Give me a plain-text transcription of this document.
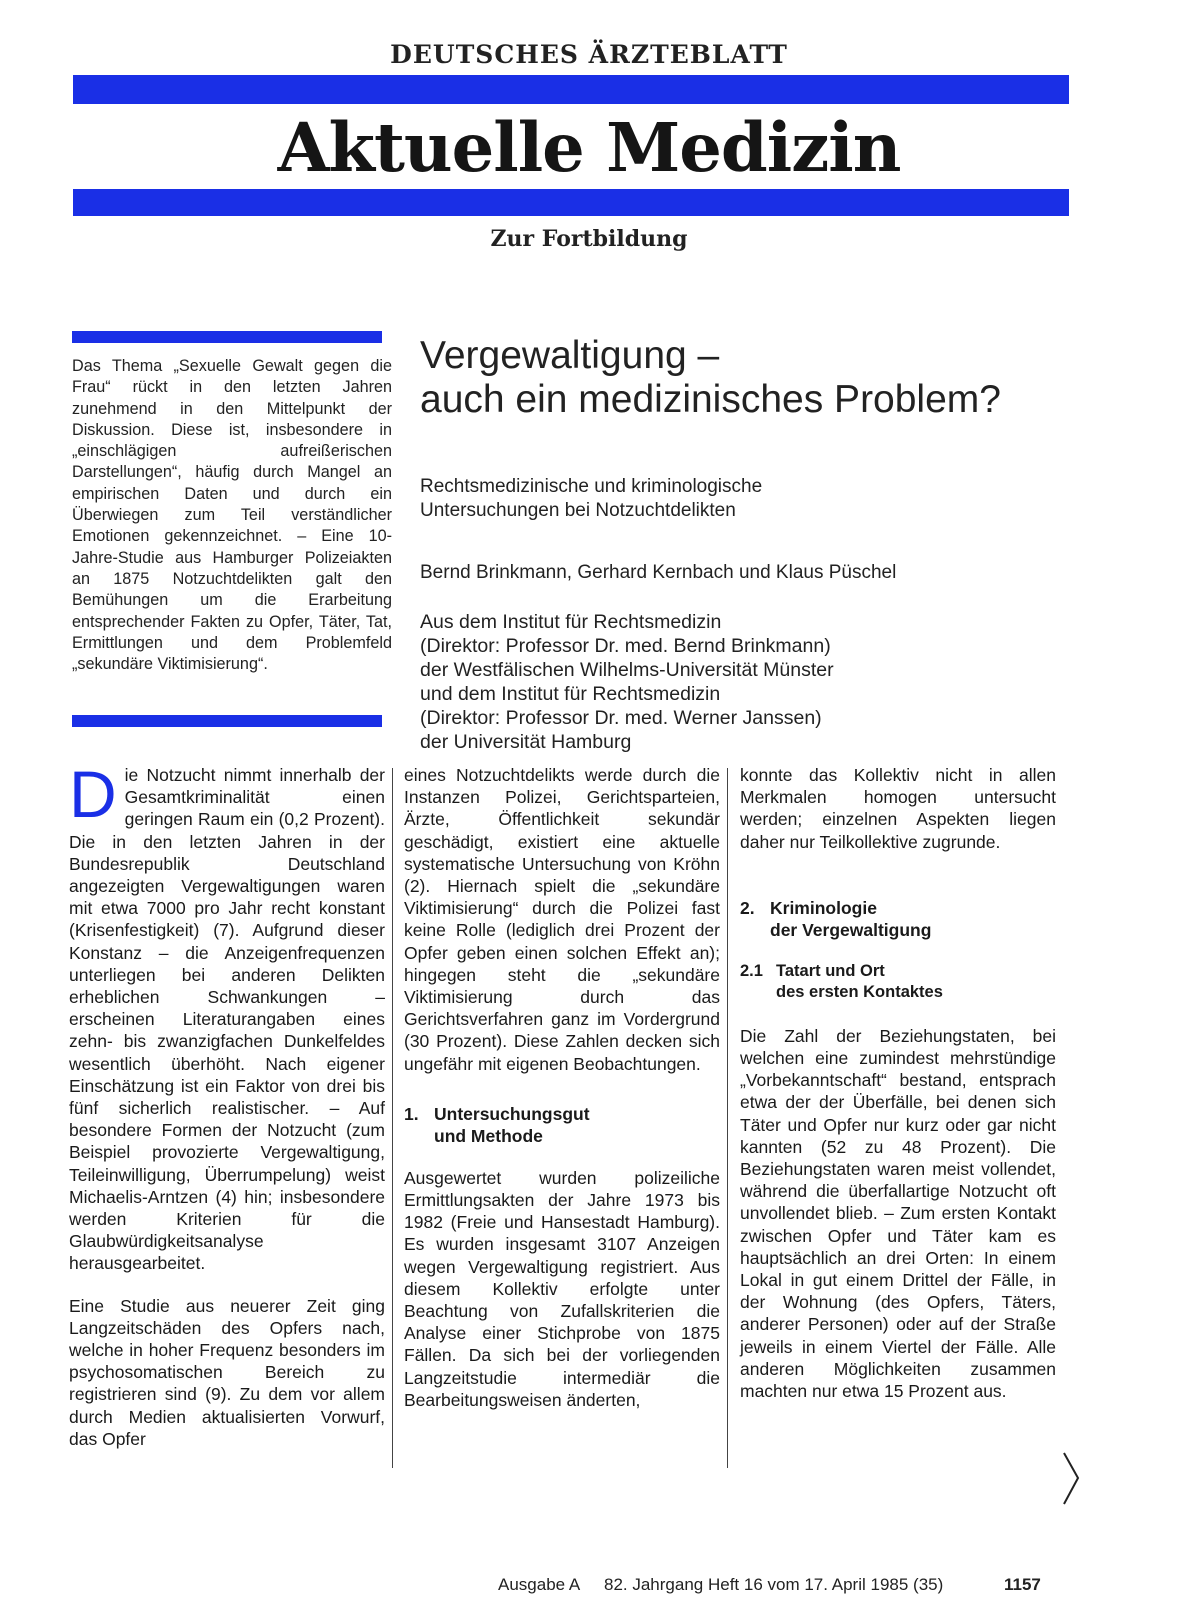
DEUTSCHES ÄRZTEBLATT
Aktuelle Medizin
Zur Fortbildung
Das Thema „Sexuelle Gewalt gegen die Frau“ rückt in den letzten Jahren zunehmend in den Mittelpunkt der Diskussion. Diese ist, insbesondere in „einschlägigen aufreißerischen Darstellungen“, häufig durch Mangel an empirischen Daten und durch ein Überwiegen zum Teil verständlicher Emotionen gekennzeichnet. – Eine 10-Jahre-Studie aus Hamburger Polizeiakten an 1875 Notzuchtdelikten galt den Bemühungen um die Erarbeitung entsprechender Fakten zu Opfer, Täter, Tat, Ermittlungen und dem Problemfeld „sekundäre Viktimisierung“.
Vergewaltigung –
auch ein medizinisches Problem?
Rechtsmedizinische und kriminologische
Untersuchungen bei Notzuchtdelikten
Bernd Brinkmann, Gerhard Kernbach und Klaus Püschel
Aus dem Institut für Rechtsmedizin
(Direktor: Professor Dr. med. Bernd Brinkmann)
der Westfälischen Wilhelms-Universität Münster
und dem Institut für Rechtsmedizin
(Direktor: Professor Dr. med. Werner Janssen)
der Universität Hamburg

Die Notzucht nimmt innerhalb der Gesamtkriminalität einen geringen Raum ein (0,2 Prozent). Die in den letzten Jahren in der Bundesrepublik Deutschland angezeigten Vergewaltigungen waren mit etwa 7000 pro Jahr recht konstant (Krisenfestigkeit) (7). Aufgrund dieser Konstanz – die Anzeigenfrequenzen unterliegen bei anderen Delikten erheblichen Schwankungen – erscheinen Literaturangaben eines zehn- bis zwanzigfachen Dunkelfeldes wesentlich überhöht. Nach eigener Einschätzung ist ein Faktor von drei bis fünf sicherlich realistischer. – Auf besondere Formen der Notzucht (zum Beispiel provozierte Vergewaltigung, Teileinwilligung, Überrumpelung) weist Michaelis-Arntzen (4) hin; insbesondere werden Kriterien für die Glaubwürdigkeitsanalyse herausgearbeitet.

Eine Studie aus neuerer Zeit ging Langzeitschäden des Opfers nach, welche in hoher Frequenz besonders im psychosomatischen Bereich zu registrieren sind (9). Zu dem vor allem durch Medien aktualisierten Vorwurf, das Opfer

eines Notzuchtdelikts werde durch die Instanzen Polizei, Gerichtsparteien, Ärzte, Öffentlichkeit sekundär geschädigt, existiert eine aktuelle systematische Untersuchung von Kröhn (2). Hiernach spielt die „sekundäre Viktimisierung“ durch die Polizei fast keine Rolle (lediglich drei Prozent der Opfer geben einen solchen Effekt an); hingegen steht die „sekundäre Viktimisierung durch das Gerichtsverfahren ganz im Vordergrund (30 Prozent). Diese Zahlen decken sich ungefähr mit eigenen Beobachtungen.

1. Untersuchungsgut
und Methode

Ausgewertet wurden polizeiliche Ermittlungsakten der Jahre 1973 bis 1982 (Freie und Hansestadt Hamburg). Es wurden insgesamt 3107 Anzeigen wegen Vergewaltigung registriert. Aus diesem Kollektiv erfolgte unter Beachtung von Zufallskriterien die Analyse einer Stichprobe von 1875 Fällen. Da sich bei der vorliegenden Langzeitstudie intermediär die Bearbeitungsweisen änderten,

konnte das Kollektiv nicht in allen Merkmalen homogen untersucht werden; einzelnen Aspekten liegen daher nur Teilkollektive zugrunde.

2. Kriminologie
der Vergewaltigung
2.1 Tatart und Ort
des ersten Kontaktes

Die Zahl der Beziehungstaten, bei welchen eine zumindest mehrstündige „Vorbekanntschaft“ bestand, entsprach etwa der der Überfälle, bei denen sich Täter und Opfer nur kurz oder gar nicht kannten (52 zu 48 Prozent). Die Beziehungstaten waren meist vollendet, während die überfallartige Notzucht oft unvollendet blieb. – Zum ersten Kontakt zwischen Opfer und Täter kam es hauptsächlich an drei Orten: In einem Lokal in gut einem Drittel der Fälle, in der Wohnung (des Opfers, Täters, anderer Personen) oder auf der Straße jeweils in einem Viertel der Fälle. Alle anderen Möglichkeiten zusammen machten nur etwa 15 Prozent aus.

Ausgabe A 82. Jahrgang Heft 16 vom 17. April 1985 (35)	1157
